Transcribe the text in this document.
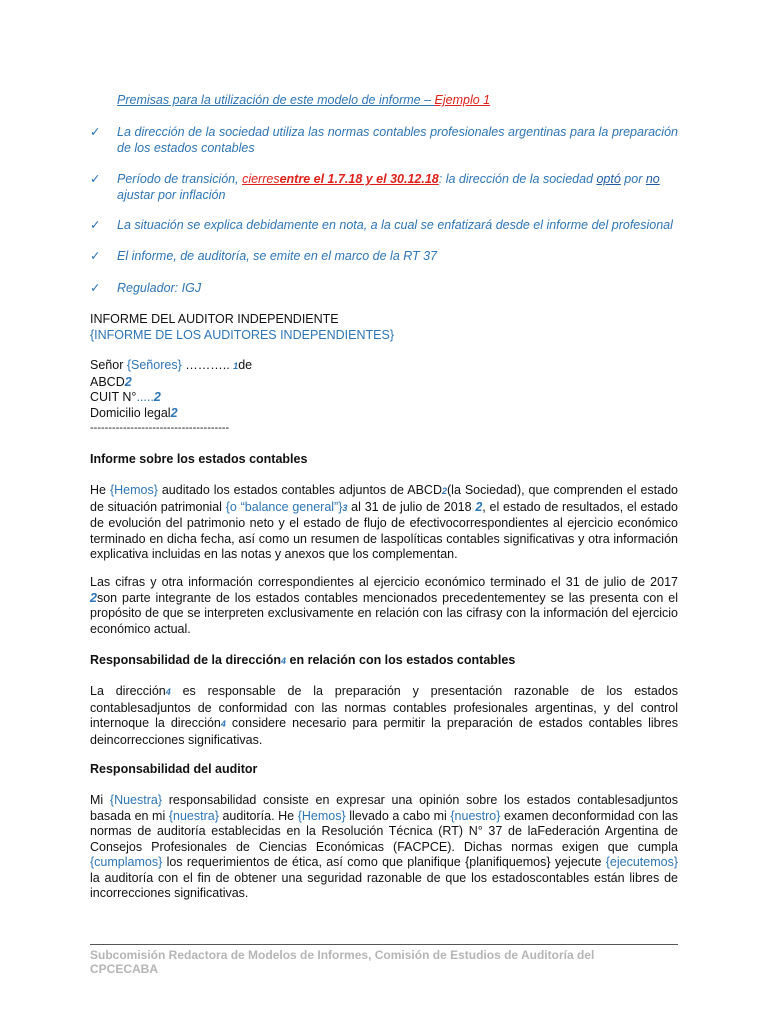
Premisas para la utilización de este modelo de informe – Ejemplo 1
✓	La dirección de la sociedad utiliza las normas contables profesionales argentinas para la preparación de los estados contables
✓	Período de transición, cierresentre el 1.7.18 y el 30.12.18: la dirección de la sociedad optó por no ajustar por inflación
✓	La situación se explica debidamente en nota, a la cual se enfatizará desde el informe del profesional
✓	El informe, de auditoría, se emite en el marco de la RT 37
✓	Regulador: IGJ
INFORME DEL AUDITOR INDEPENDIENTE
{INFORME DE LOS AUDITORES INDEPENDIENTES}
Señor {Señores} ……….. 1de
ABCD2
CUIT N°.....2
Domicilio legal2
--------------------------------------
Informe sobre los estados contables
He {Hemos} auditado los estados contables adjuntos de ABCD2(la Sociedad), que comprenden el estado de situación patrimonial {o “balance general”}3 al 31 de julio de 2018 2, el estado de resultados, el estado de evolución del patrimonio neto y el estado de flujo de efectivocorrespondientes al ejercicio económico terminado en dicha fecha, así como un resumen de laspolíticas contables significativas y otra información explicativa incluidas en las notas y anexos que los complementan.
Las cifras y otra información correspondientes al ejercicio económico terminado el 31 de julio de 2017 2son parte integrante de los estados contables mencionados precedentementey se las presenta con el propósito de que se interpreten exclusivamente en relación con las cifrasy con la información del ejercicio económico actual.
Responsabilidad de la dirección4 en relación con los estados contables
La dirección4 es responsable de la preparación y presentación razonable de los estados contablesadjuntos de conformidad con las normas contables profesionales argentinas, y del control internoque la dirección4 considere necesario para permitir la preparación de estados contables libres deincorrecciones significativas.
Responsabilidad del auditor
Mi {Nuestra} responsabilidad consiste en expresar una opinión sobre los estados contablesadjuntos basada en mi {nuestra} auditoría. He {Hemos} llevado a cabo mi {nuestro} examen deconformidad con las normas de auditoría establecidas en la Resolución Técnica (RT) N° 37 de laFederación Argentina de Consejos Profesionales de Ciencias Económicas (FACPCE). Dichas normas exigen que cumpla {cumplamos} los requerimientos de ética, así como que planifique {planifiquemos} yejecute {ejecutemos} la auditoría con el fin de obtener una seguridad razonable de que los estadoscontables están libres de incorrecciones significativas.
Subcomisión Redactora de Modelos de Informes, Comisión de Estudios de Auditoría del
CPCECABA
